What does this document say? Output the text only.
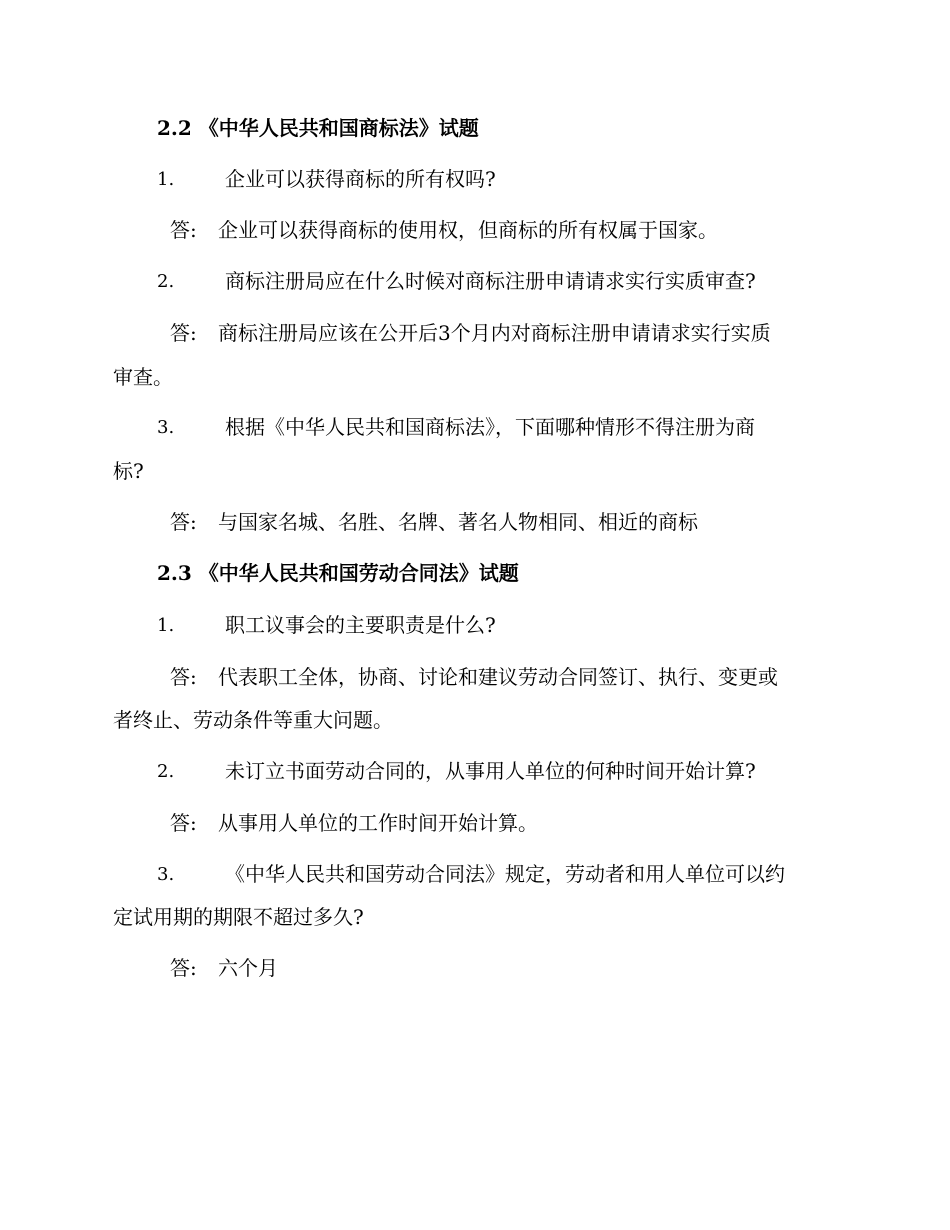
2.2 《中华人民共和国商标法》试题
1.	企业可以获得商标的所有权吗?
答: 企业可以获得商标的使用权，但商标的所有权属于国家。
2.	商标注册局应在什么时候对商标注册申请请求实行实质审查?
答: 商标注册局应该在公开后3个月内对商标注册申请请求实行实质
审查。
3.	根据《中华人民共和国商标法》，下面哪种情形不得注册为商
标?
答: 与国家名城、名胜、名牌、著名人物相同、相近的商标
2.3 《中华人民共和国劳动合同法》试题
1.	职工议事会的主要职责是什么?
答: 代表职工全体，协商、讨论和建议劳动合同签订、执行、变更或
者终止、劳动条件等重大问题。
2.	未订立书面劳动合同的，从事用人单位的何种时间开始计算?
答: 从事用人单位的工作时间开始计算。
3.	《中华人民共和国劳动合同法》规定，劳动者和用人单位可以约
定试用期的期限不超过多久?
答: 六个月
